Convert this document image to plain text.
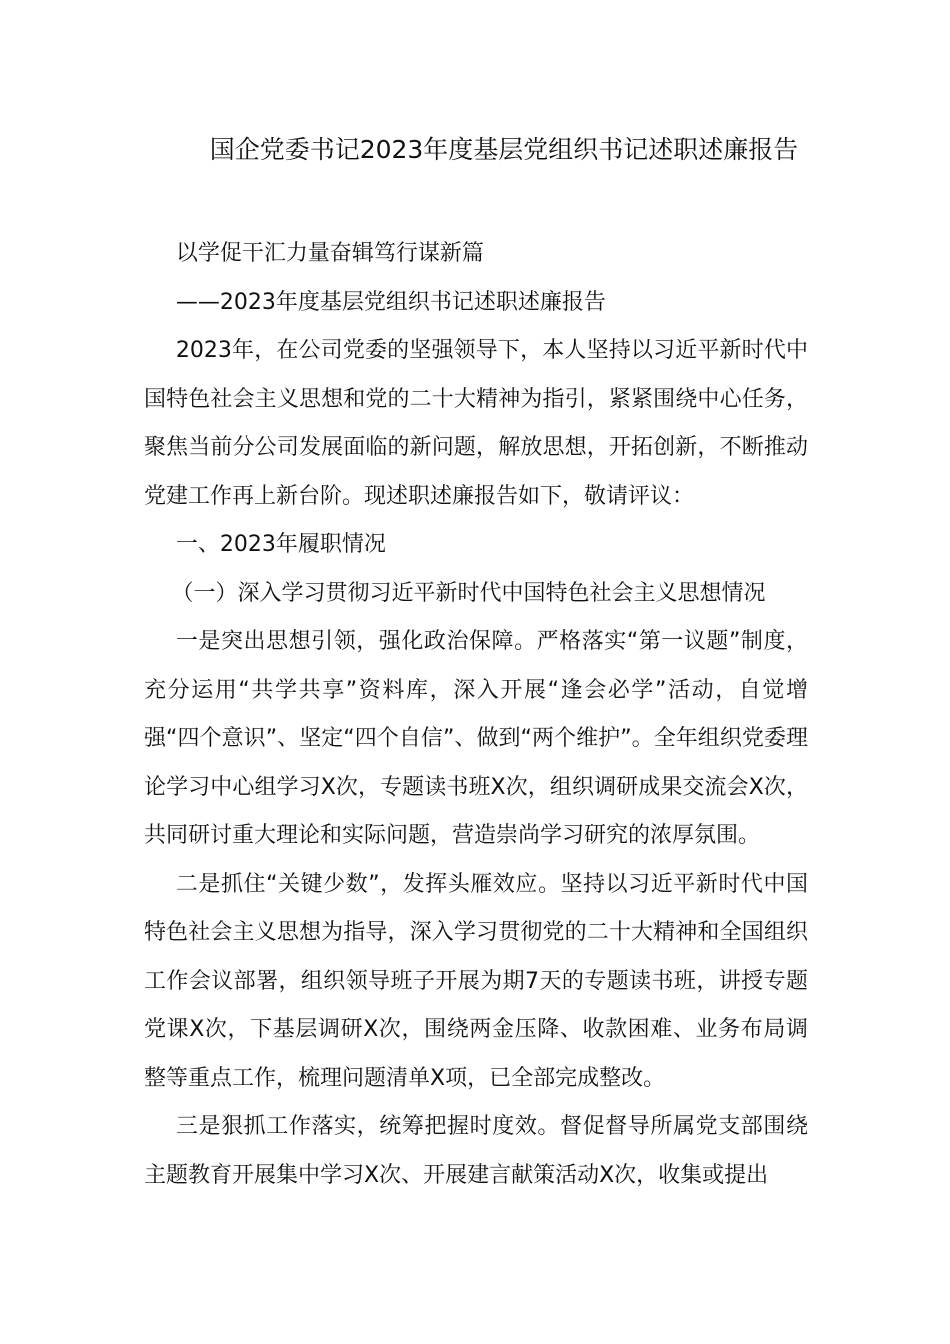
国企党委书记2023年度基层党组织书记述职述廉报告

以学促干汇力量奋辑笃行谋新篇

——2023年度基层党组织书记述职述廉报告

2023年，在公司党委的坚强领导下，本人坚持以习近平新时代中国特色社会主义思想和党的二十大精神为指引，紧紧围绕中心任务，聚焦当前分公司发展面临的新问题，解放思想，开拓创新，不断推动党建工作再上新台阶。现述职述廉报告如下，敬请评议：

一、2023年履职情况

（一）深入学习贯彻习近平新时代中国特色社会主义思想情况

一是突出思想引领，强化政治保障。严格落实“第一议题”制度，充分运用“共学共享”资料库，深入开展“逢会必学”活动，自觉增强“四个意识”、坚定“四个自信”、做到“两个维护”。全年组织党委理论学习中心组学习X次，专题读书班X次，组织调研成果交流会X次，共同研讨重大理论和实际问题，营造崇尚学习研究的浓厚氛围。

二是抓住“关键少数”，发挥头雁效应。坚持以习近平新时代中国特色社会主义思想为指导，深入学习贯彻党的二十大精神和全国组织工作会议部署，组织领导班子开展为期7天的专题读书班，讲授专题党课X次，下基层调研X次，围绕两金压降、收款困难、业务布局调整等重点工作，梳理问题清单X项，已全部完成整改。

三是狠抓工作落实，统筹把握时度效。督促督导所属党支部围绕主题教育开展集中学习X次、开展建言献策活动X次，收集或提出
